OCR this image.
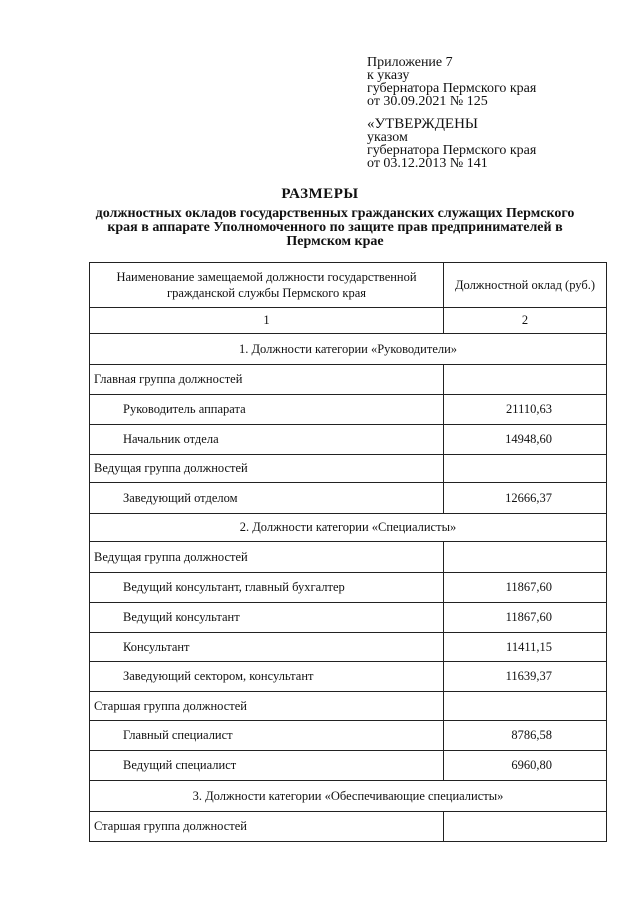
Приложение 7
к указу
губернатора Пермского края
от 30.09.2021 № 125
«УТВЕРЖДЕНЫ
указом
губернатора Пермского края
от 03.12.2013 № 141
РАЗМЕРЫ
должностных окладов государственных гражданских служащих Пермского края в аппарате Уполномоченного по защите прав предпринимателей в Пермском крае
Наименование замещаемой должности государственной гражданской службы Пермского края	Должностной оклад (руб.)
1	2
1. Должности категории «Руководители»	
Главная группа должностей	
Руководитель аппарата	21110,63
Начальник отдела	14948,60
Ведущая группа должностей	
Заведующий отделом	12666,37
2. Должности категории «Специалисты»	
Ведущая группа должностей	
Ведущий консультант, главный бухгалтер	11867,60
Ведущий консультант	11867,60
Консультант	11411,15
Заведующий сектором, консультант	11639,37
Старшая группа должностей	
Главный специалист	8786,58
Ведущий специалист	6960,80
3. Должности категории «Обеспечивающие специалисты»	
Старшая группа должностей	
